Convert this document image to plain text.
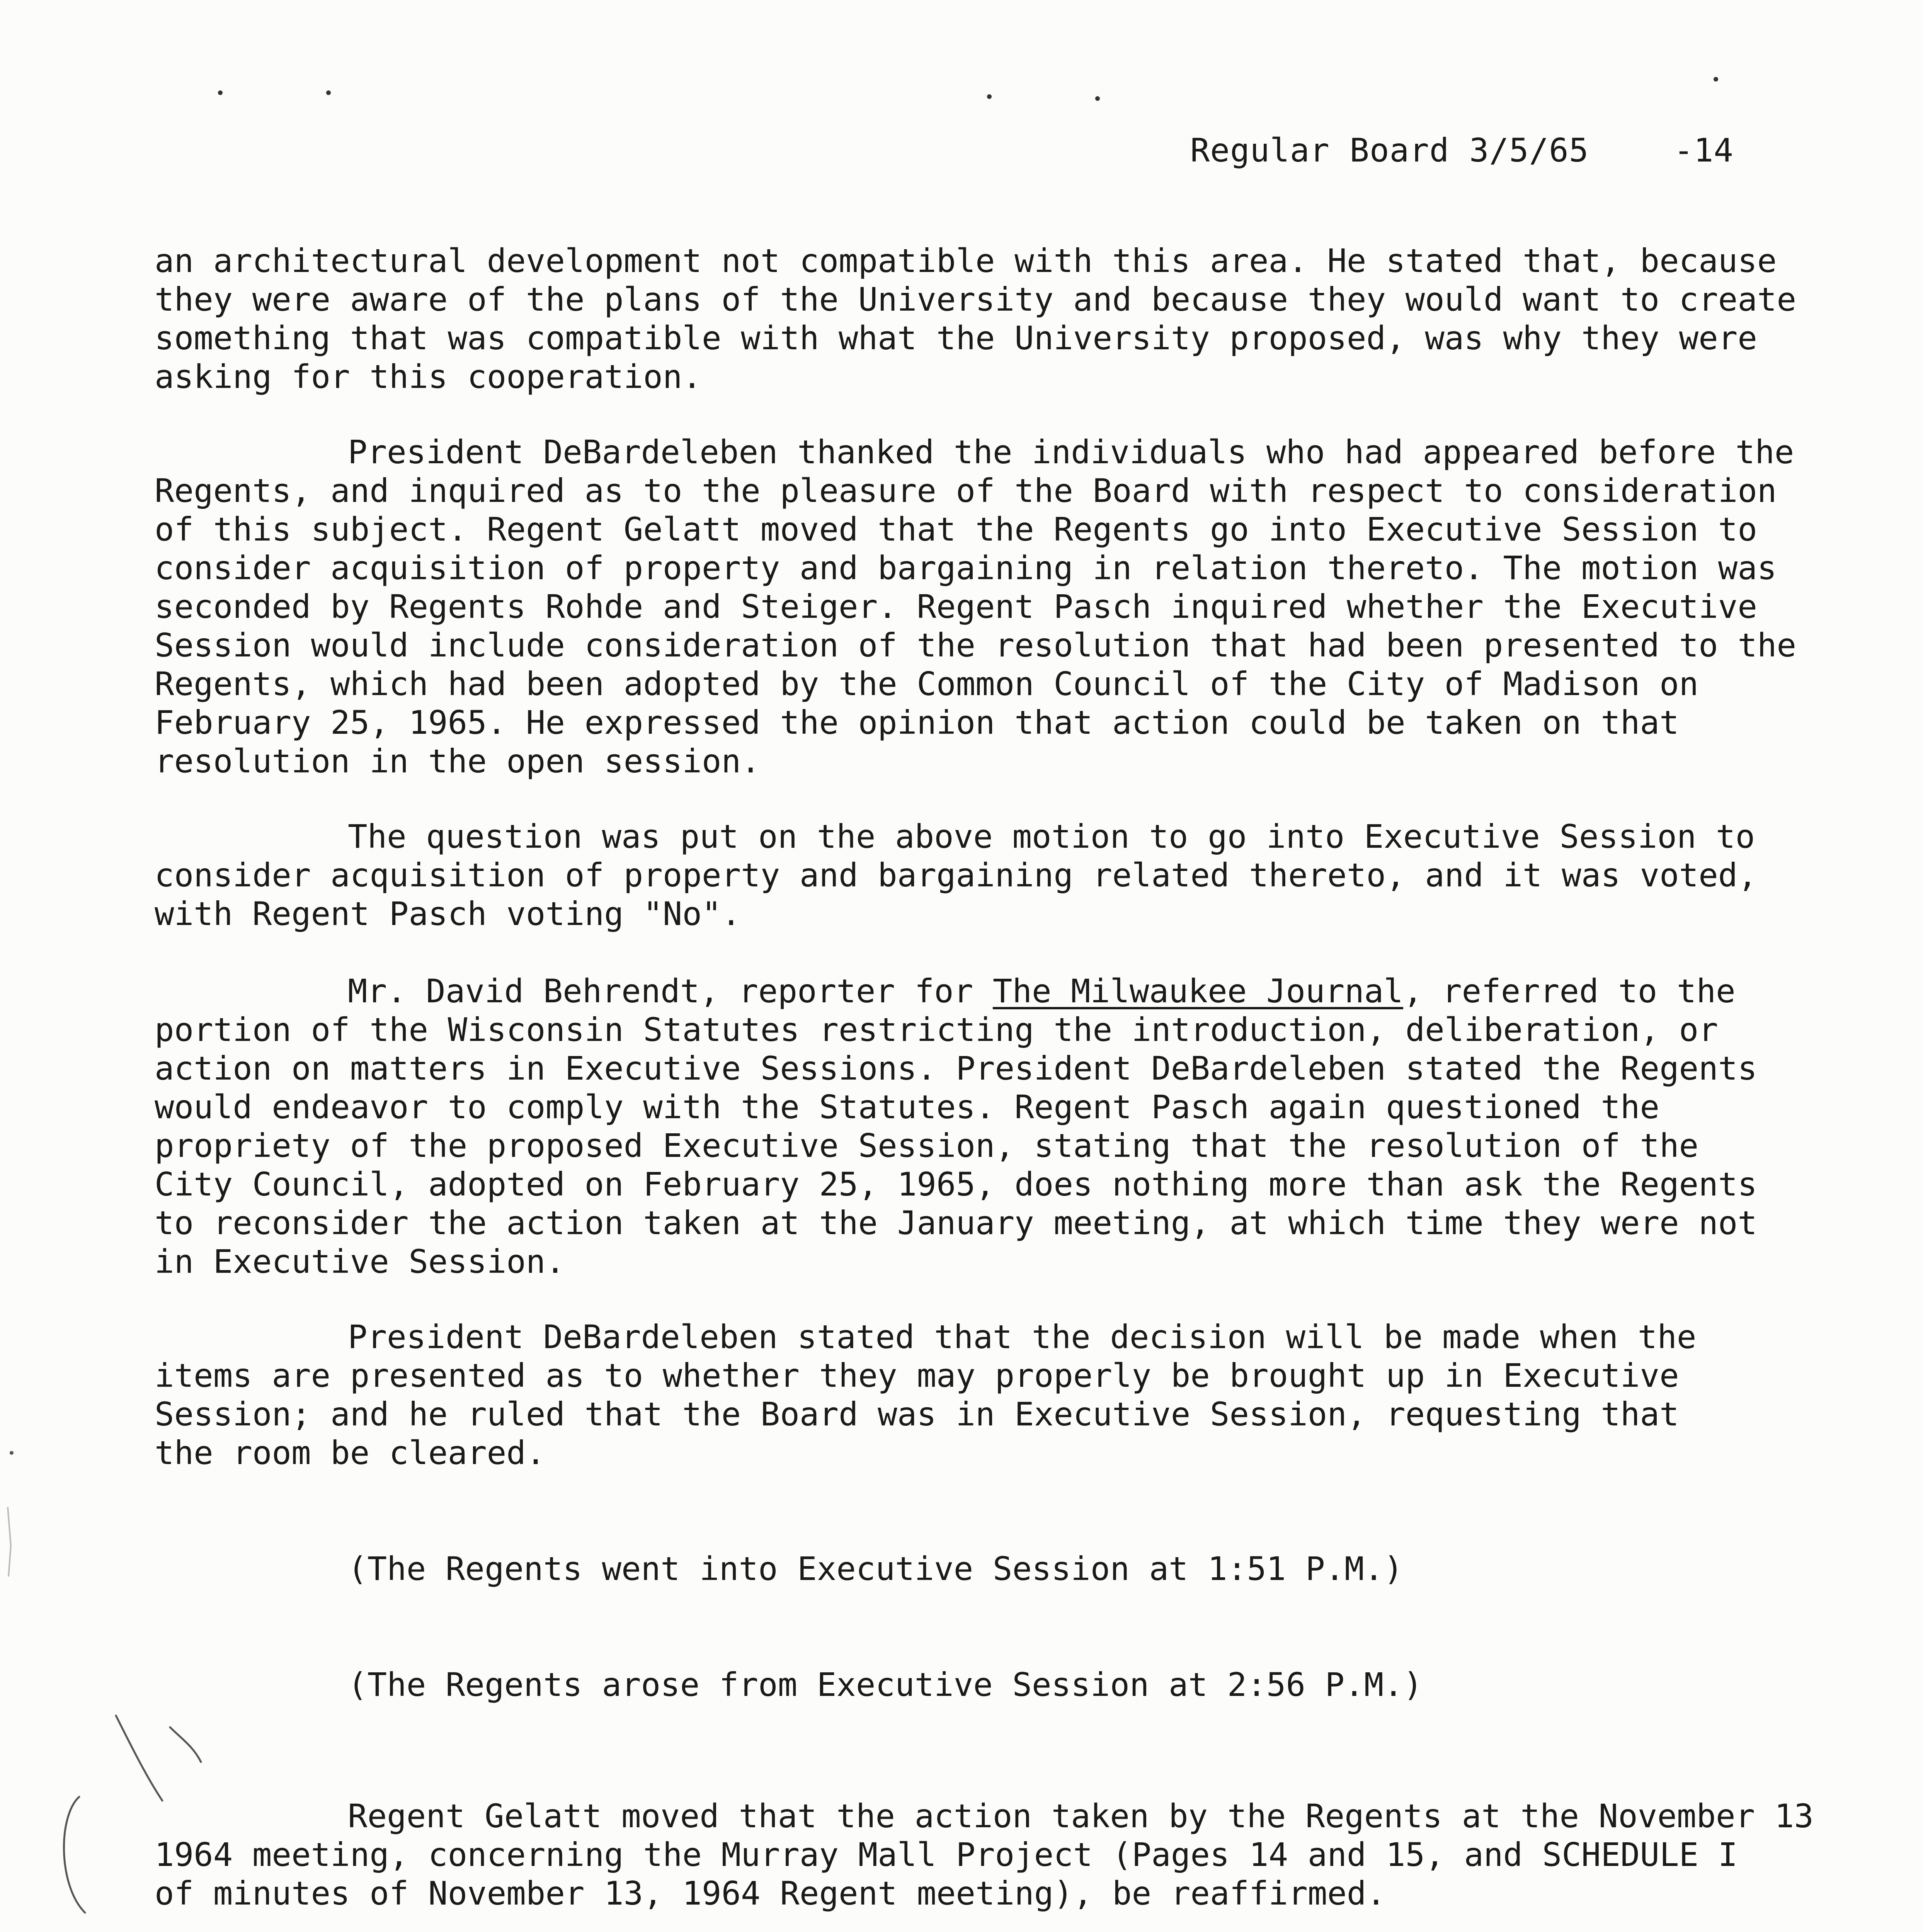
Regular Board 3/5/65	-14
an architectural development not compatible with this area. He stated that, because
they were aware of the plans of the University and because they would want to create
something that was compatible with what the University proposed, was why they were
asking for this cooperation.
President DeBardeleben thanked the individuals who had appeared before the
Regents, and inquired as to the pleasure of the Board with respect to consideration
of this subject. Regent Gelatt moved that the Regents go into Executive Session to
consider acquisition of property and bargaining in relation thereto. The motion was
seconded by Regents Rohde and Steiger. Regent Pasch inquired whether the Executive
Session would include consideration of the resolution that had been presented to the
Regents, which had been adopted by the Common Council of the City of Madison on
February 25, 1965. He expressed the opinion that action could be taken on that
resolution in the open session.
The question was put on the above motion to go into Executive Session to
consider acquisition of property and bargaining related thereto, and it was voted,
with Regent Pasch voting "No".
Mr. David Behrendt, reporter for The Milwaukee Journal, referred to the
portion of the Wisconsin Statutes restricting the introduction, deliberation, or
action on matters in Executive Sessions. President DeBardeleben stated the Regents
would endeavor to comply with the Statutes. Regent Pasch again questioned the
propriety of the proposed Executive Session, stating that the resolution of the
City Council, adopted on February 25, 1965, does nothing more than ask the Regents
to reconsider the action taken at the January meeting, at which time they were not
in Executive Session.
President DeBardeleben stated that the decision will be made when the
items are presented as to whether they may properly be brought up in Executive
Session; and he ruled that the Board was in Executive Session, requesting that
the room be cleared.
(The Regents went into Executive Session at 1:51 P.M.)
(The Regents arose from Executive Session at 2:56 P.M.)
Regent Gelatt moved that the action taken by the Regents at the November 13
1964 meeting, concerning the Murray Mall Project (Pages 14 and 15, and SCHEDULE I
of minutes of November 13, 1964 Regent meeting), be reaffirmed.
